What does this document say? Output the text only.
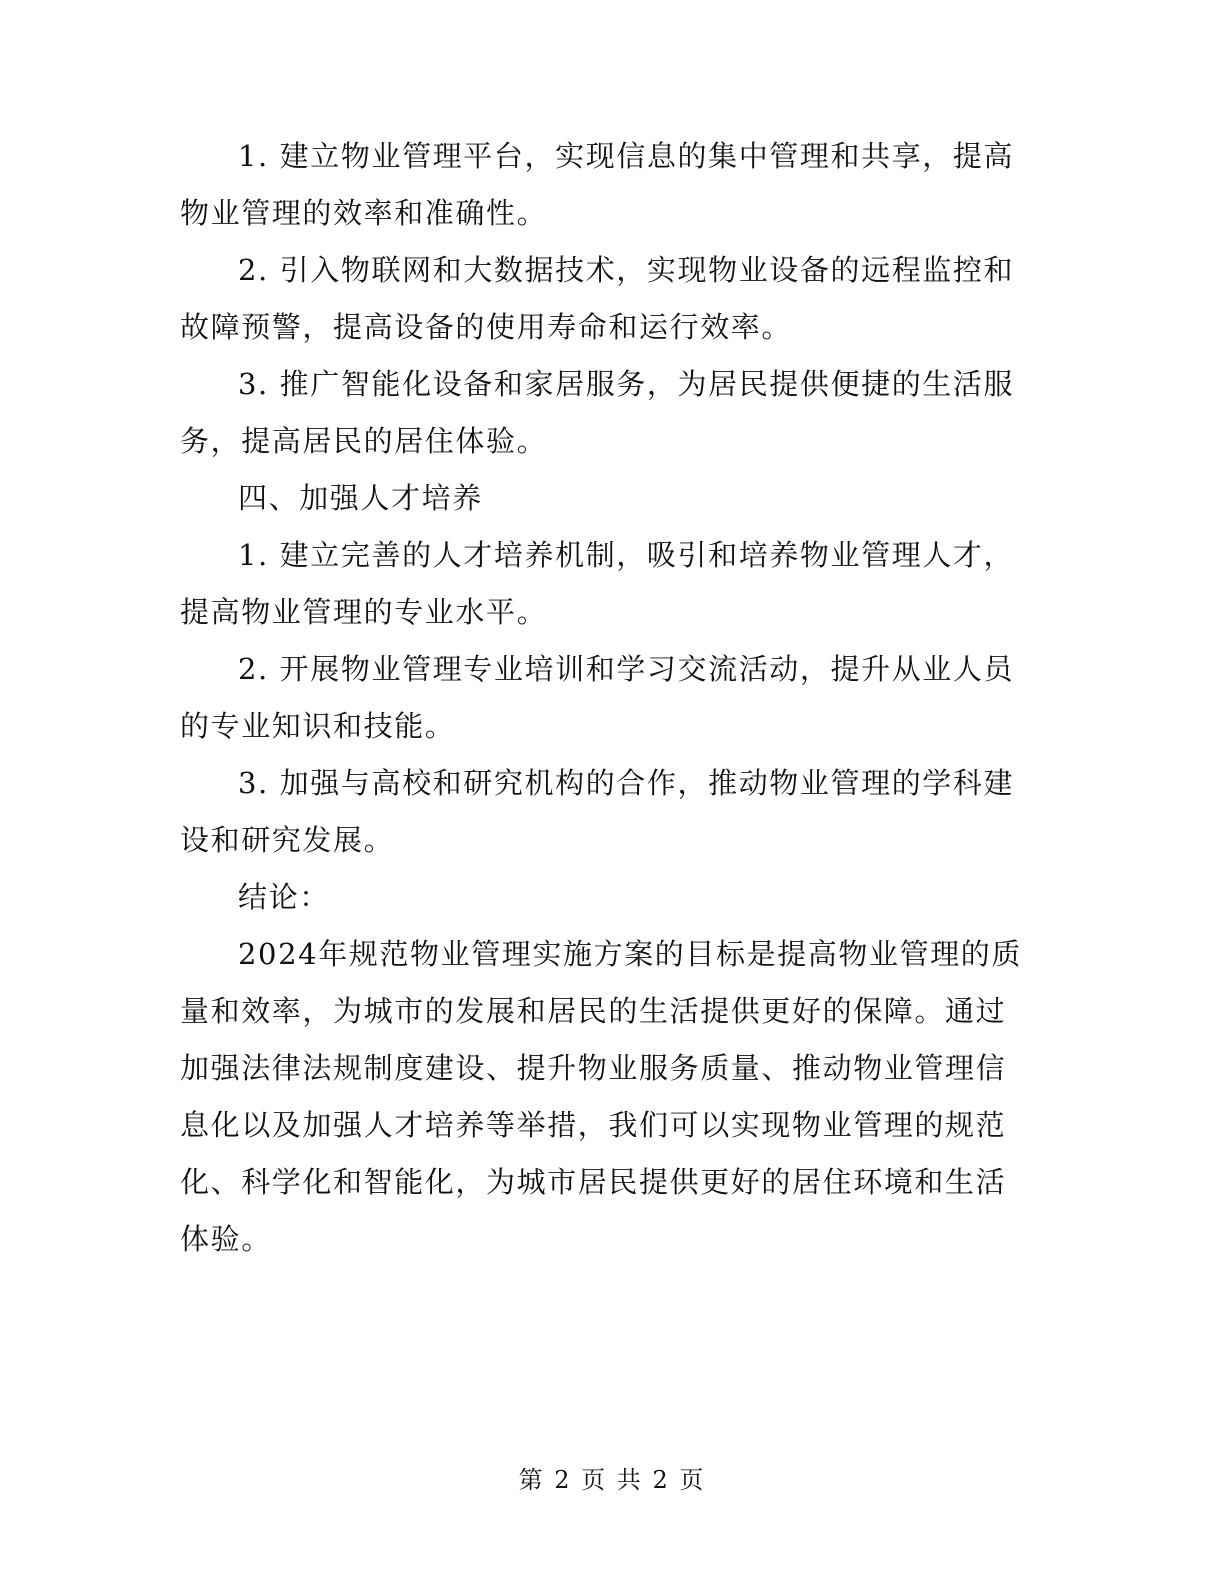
1. 建立物业管理平台，实现信息的集中管理和共享，提高物业管理的效率和准确性。

2. 引入物联网和大数据技术，实现物业设备的远程监控和故障预警，提高设备的使用寿命和运行效率。

3. 推广智能化设备和家居服务，为居民提供便捷的生活服务，提高居民的居住体验。

四、加强人才培养

1. 建立完善的人才培养机制，吸引和培养物业管理人才，提高物业管理的专业水平。

2. 开展物业管理专业培训和学习交流活动，提升从业人员的专业知识和技能。

3. 加强与高校和研究机构的合作，推动物业管理的学科建设和研究发展。

结论：

2024年规范物业管理实施方案的目标是提高物业管理的质量和效率，为城市的发展和居民的生活提供更好的保障。通过加强法律法规制度建设、提升物业服务质量、推动物业管理信息化以及加强人才培养等举措，我们可以实现物业管理的规范化、科学化和智能化，为城市居民提供更好的居住环境和生活体验。

第 2 页 共 2 页
